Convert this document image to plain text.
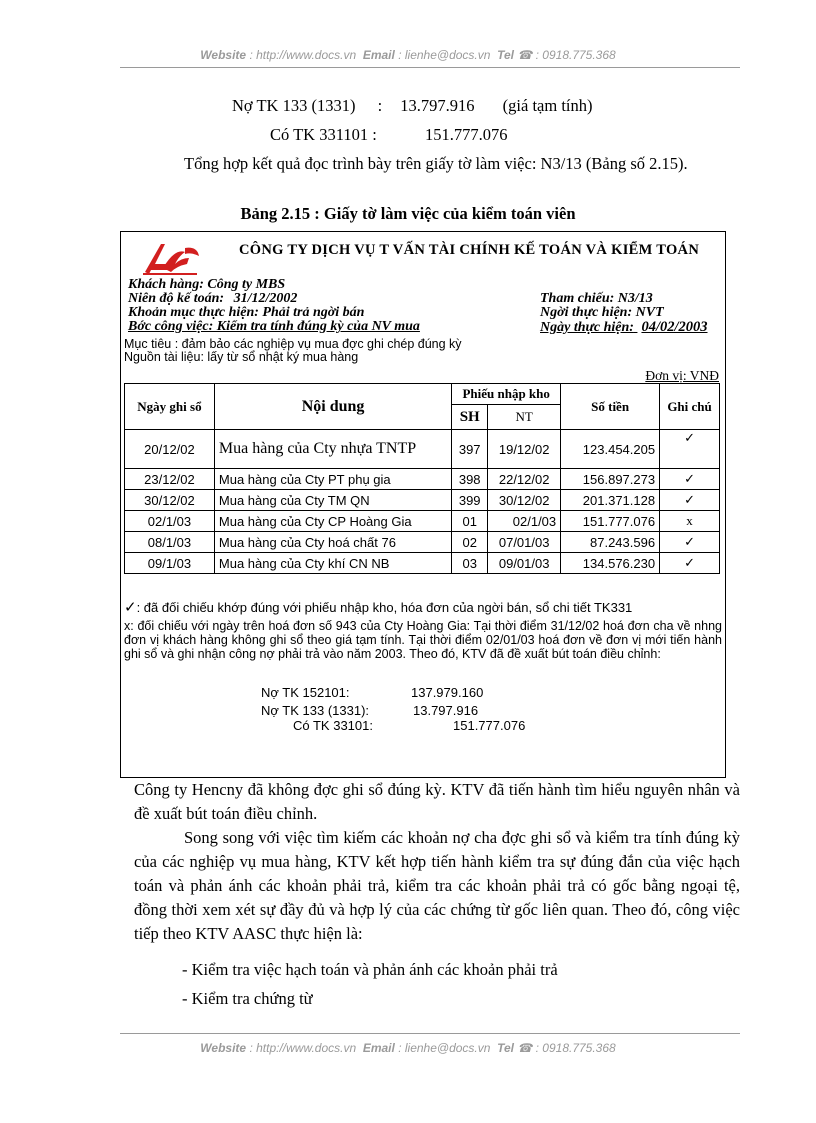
Website : http://www.docs.vn Email : lienhe@docs.vn Tel ☎ : 0918.775.368
Nợ TK 133 (1331) : 13.797.916 (giá tạm tính)
Có TK 331101 :	151.777.076
Tổng hợp kết quả đọc trình bày trên giấy tờ làm việc: N3/13 (Bảng số 2.15).
Bảng 2.15 : Giấy tờ làm việc của kiểm toán viên
CÔNG TY DỊCH VỤ T VẤN TÀI CHÍNH KẾ TOÁN VÀ KIỂM TOÁN
Khách hàng: Công ty MBS
Niên độ kế toán: 31/12/2002
Khoản mục thực hiện: Phải trả ngời bán
Bớc công việc: Kiểm tra tính đúng kỳ của NV mua
Tham chiếu: N3/13
Ngời thực hiện: NVT
Ngày thực hiện: 04/02/2003
Mục tiêu : đảm bảo các nghiệp vụ mua đợc ghi chép đúng kỳ
Nguồn tài liệu: lấy từ sổ nhật ký mua hàng
Đơn vị: VNĐ
Ngày ghi sổ	Nội dung	Phiếu nhập kho		Số tiền	Ghi chú
		SH	NT		
20/12/02	Mua hàng của Cty nhựa TNTP	397	19/12/02	123.454.205	✓
23/12/02	Mua hàng của Cty PT phụ gia	398	22/12/02	156.897.273	✓
30/12/02	Mua hàng của Cty TM QN	399	30/12/02	201.371.128	✓
02/1/03	Mua hàng của Cty CP Hoàng Gia	01	02/1/03	151.777.076	x
08/1/03	Mua hàng của Cty hoá chất 76	02	07/01/03	87.243.596	✓
09/1/03	Mua hàng của Cty khí CN NB	03	09/01/03	134.576.230	✓
✓: đã đối chiếu khớp đúng với phiếu nhập kho, hóa đơn của ngời bán, sổ chi tiết TK331
x: đối chiếu với ngày trên hoá đơn số 943 của Cty Hoàng Gia: Tại thời điểm 31/12/02 hoá đơn cha về nhng đơn vị khách hàng không ghi sổ theo giá tạm tính. Tại thời điểm 02/01/03 hoá đơn về đơn vị mới tiến hành ghi sổ và ghi nhận công nợ phải trả vào năm 2003. Theo đó, KTV đã đề xuất bút toán điều chỉnh:
Nợ TK 152101:	137.979.160
Nợ TK 133 (1331):	13.797.916
Có TK 33101:	151.777.076
Công ty Hencny đã không đợc ghi sổ đúng kỳ. KTV đã tiến hành tìm hiểu nguyên nhân và đề xuất bút toán điều chỉnh.
Song song với việc tìm kiếm các khoản nợ cha đợc ghi sổ và kiểm tra tính đúng kỳ của các nghiệp vụ mua hàng, KTV kết hợp tiến hành kiểm tra sự đúng đắn của việc hạch toán và phản ánh các khoản phải trả, kiểm tra các khoản phải trả có gốc bằng ngoại tệ, đồng thời xem xét sự đầy đủ và hợp lý của các chứng từ gốc liên quan. Theo đó, công việc tiếp theo KTV AASC thực hiện là:
- Kiểm tra việc hạch toán và phản ánh các khoản phải trả
- Kiểm tra chứng từ
Website : http://www.docs.vn Email : lienhe@docs.vn Tel ☎ : 0918.775.368
